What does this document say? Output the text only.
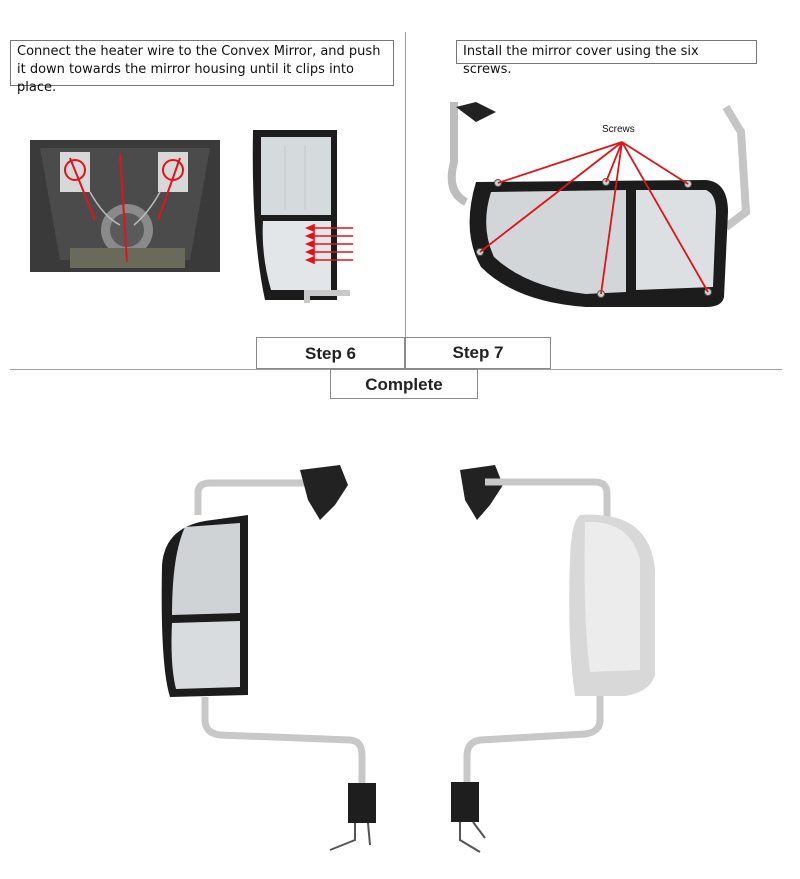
Connect the heater wire to the Convex Mirror, and push it down towards the mirror housing until it clips into place.
Install the mirror cover using the six screws.
Screws
Step 6	Step 7
Complete
